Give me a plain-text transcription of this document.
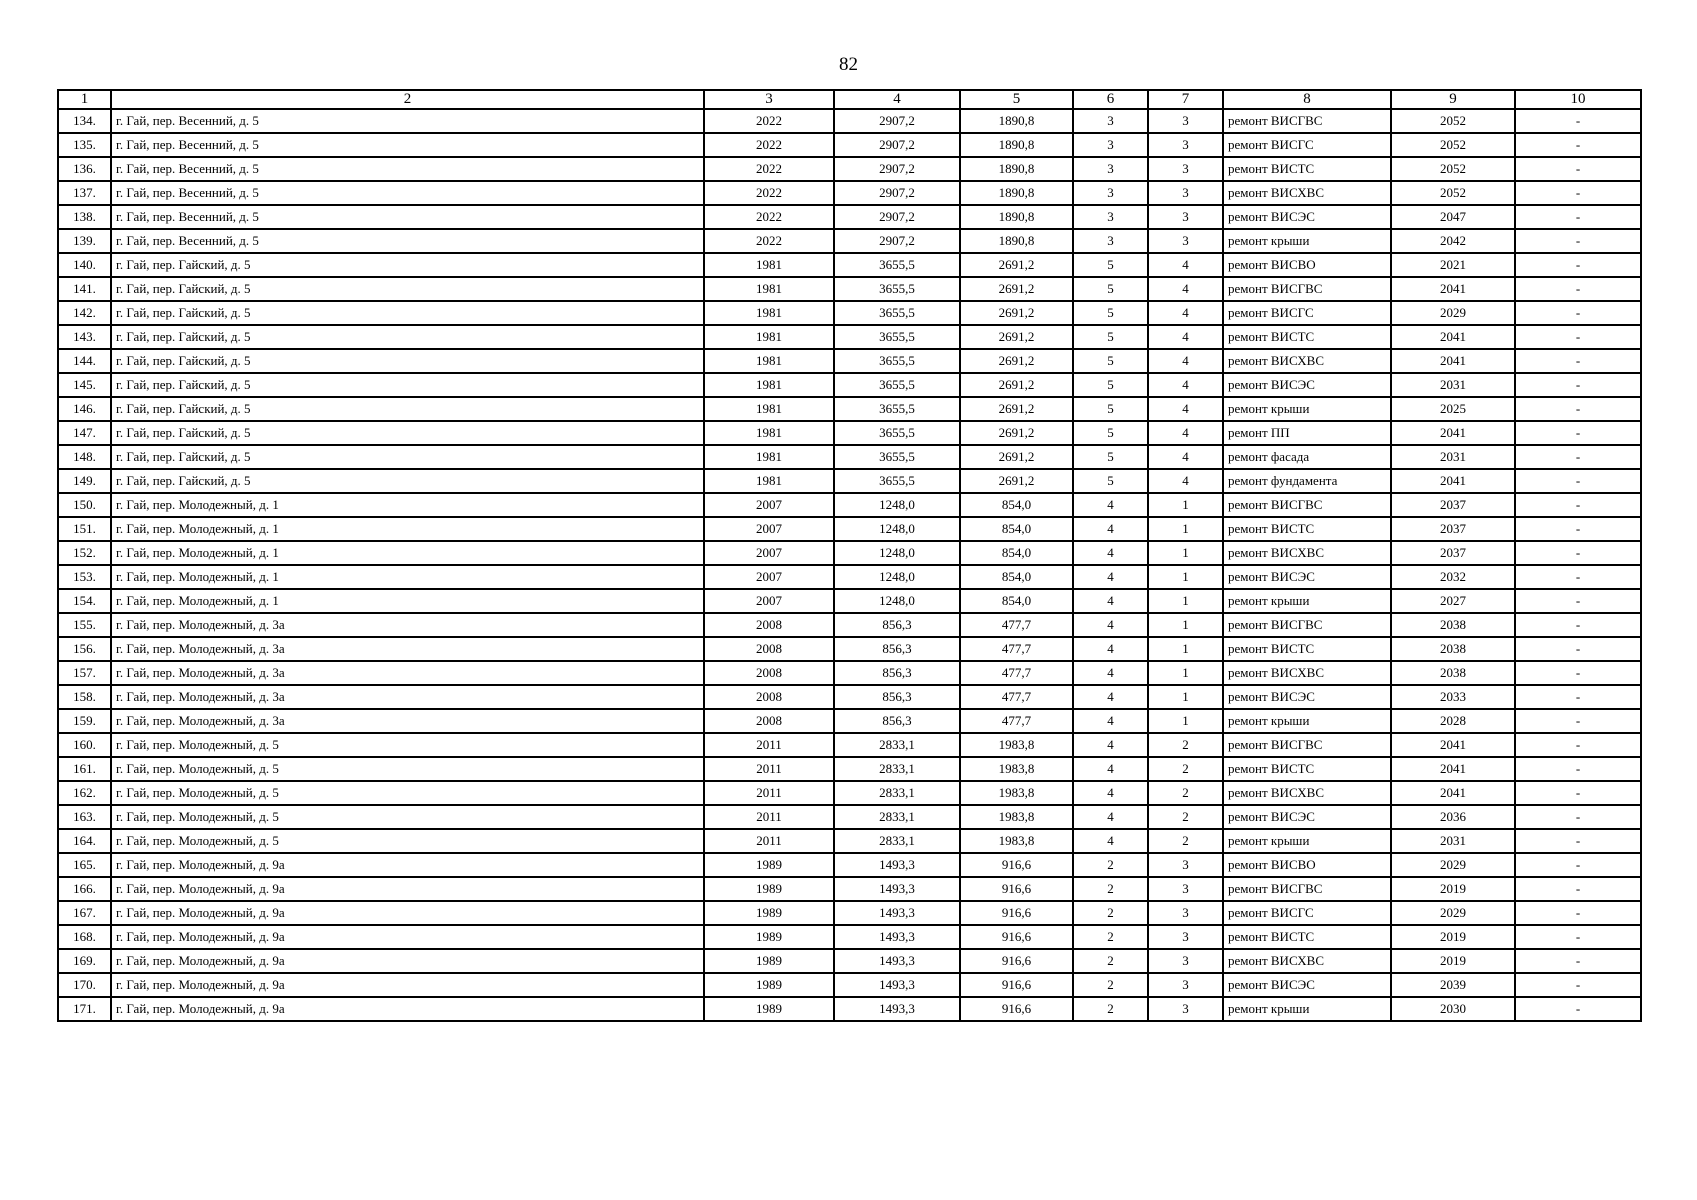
82
1	2	3	4	5	6	7	8	9	10
134.	г. Гай, пер. Весенний, д. 5	2022	2907,2	1890,8	3	3	ремонт ВИСГВС	2052	-
135.	г. Гай, пер. Весенний, д. 5	2022	2907,2	1890,8	3	3	ремонт ВИСГС	2052	-
136.	г. Гай, пер. Весенний, д. 5	2022	2907,2	1890,8	3	3	ремонт ВИСТС	2052	-
137.	г. Гай, пер. Весенний, д. 5	2022	2907,2	1890,8	3	3	ремонт ВИСХВС	2052	-
138.	г. Гай, пер. Весенний, д. 5	2022	2907,2	1890,8	3	3	ремонт ВИСЭС	2047	-
139.	г. Гай, пер. Весенний, д. 5	2022	2907,2	1890,8	3	3	ремонт крыши	2042	-
140.	г. Гай, пер. Гайский, д. 5	1981	3655,5	2691,2	5	4	ремонт ВИСВО	2021	-
141.	г. Гай, пер. Гайский, д. 5	1981	3655,5	2691,2	5	4	ремонт ВИСГВС	2041	-
142.	г. Гай, пер. Гайский, д. 5	1981	3655,5	2691,2	5	4	ремонт ВИСГС	2029	-
143.	г. Гай, пер. Гайский, д. 5	1981	3655,5	2691,2	5	4	ремонт ВИСТС	2041	-
144.	г. Гай, пер. Гайский, д. 5	1981	3655,5	2691,2	5	4	ремонт ВИСХВС	2041	-
145.	г. Гай, пер. Гайский, д. 5	1981	3655,5	2691,2	5	4	ремонт ВИСЭС	2031	-
146.	г. Гай, пер. Гайский, д. 5	1981	3655,5	2691,2	5	4	ремонт крыши	2025	-
147.	г. Гай, пер. Гайский, д. 5	1981	3655,5	2691,2	5	4	ремонт ПП	2041	-
148.	г. Гай, пер. Гайский, д. 5	1981	3655,5	2691,2	5	4	ремонт фасада	2031	-
149.	г. Гай, пер. Гайский, д. 5	1981	3655,5	2691,2	5	4	ремонт фундамента	2041	-
150.	г. Гай, пер. Молодежный, д. 1	2007	1248,0	854,0	4	1	ремонт ВИСГВС	2037	-
151.	г. Гай, пер. Молодежный, д. 1	2007	1248,0	854,0	4	1	ремонт ВИСТС	2037	-
152.	г. Гай, пер. Молодежный, д. 1	2007	1248,0	854,0	4	1	ремонт ВИСХВС	2037	-
153.	г. Гай, пер. Молодежный, д. 1	2007	1248,0	854,0	4	1	ремонт ВИСЭС	2032	-
154.	г. Гай, пер. Молодежный, д. 1	2007	1248,0	854,0	4	1	ремонт крыши	2027	-
155.	г. Гай, пер. Молодежный, д. 3а	2008	856,3	477,7	4	1	ремонт ВИСГВС	2038	-
156.	г. Гай, пер. Молодежный, д. 3а	2008	856,3	477,7	4	1	ремонт ВИСТС	2038	-
157.	г. Гай, пер. Молодежный, д. 3а	2008	856,3	477,7	4	1	ремонт ВИСХВС	2038	-
158.	г. Гай, пер. Молодежный, д. 3а	2008	856,3	477,7	4	1	ремонт ВИСЭС	2033	-
159.	г. Гай, пер. Молодежный, д. 3а	2008	856,3	477,7	4	1	ремонт крыши	2028	-
160.	г. Гай, пер. Молодежный, д. 5	2011	2833,1	1983,8	4	2	ремонт ВИСГВС	2041	-
161.	г. Гай, пер. Молодежный, д. 5	2011	2833,1	1983,8	4	2	ремонт ВИСТС	2041	-
162.	г. Гай, пер. Молодежный, д. 5	2011	2833,1	1983,8	4	2	ремонт ВИСХВС	2041	-
163.	г. Гай, пер. Молодежный, д. 5	2011	2833,1	1983,8	4	2	ремонт ВИСЭС	2036	-
164.	г. Гай, пер. Молодежный, д. 5	2011	2833,1	1983,8	4	2	ремонт крыши	2031	-
165.	г. Гай, пер. Молодежный, д. 9а	1989	1493,3	916,6	2	3	ремонт ВИСВО	2029	-
166.	г. Гай, пер. Молодежный, д. 9а	1989	1493,3	916,6	2	3	ремонт ВИСГВС	2019	-
167.	г. Гай, пер. Молодежный, д. 9а	1989	1493,3	916,6	2	3	ремонт ВИСГС	2029	-
168.	г. Гай, пер. Молодежный, д. 9а	1989	1493,3	916,6	2	3	ремонт ВИСТС	2019	-
169.	г. Гай, пер. Молодежный, д. 9а	1989	1493,3	916,6	2	3	ремонт ВИСХВС	2019	-
170.	г. Гай, пер. Молодежный, д. 9а	1989	1493,3	916,6	2	3	ремонт ВИСЭС	2039	-
171.	г. Гай, пер. Молодежный, д. 9а	1989	1493,3	916,6	2	3	ремонт крыши	2030	-
